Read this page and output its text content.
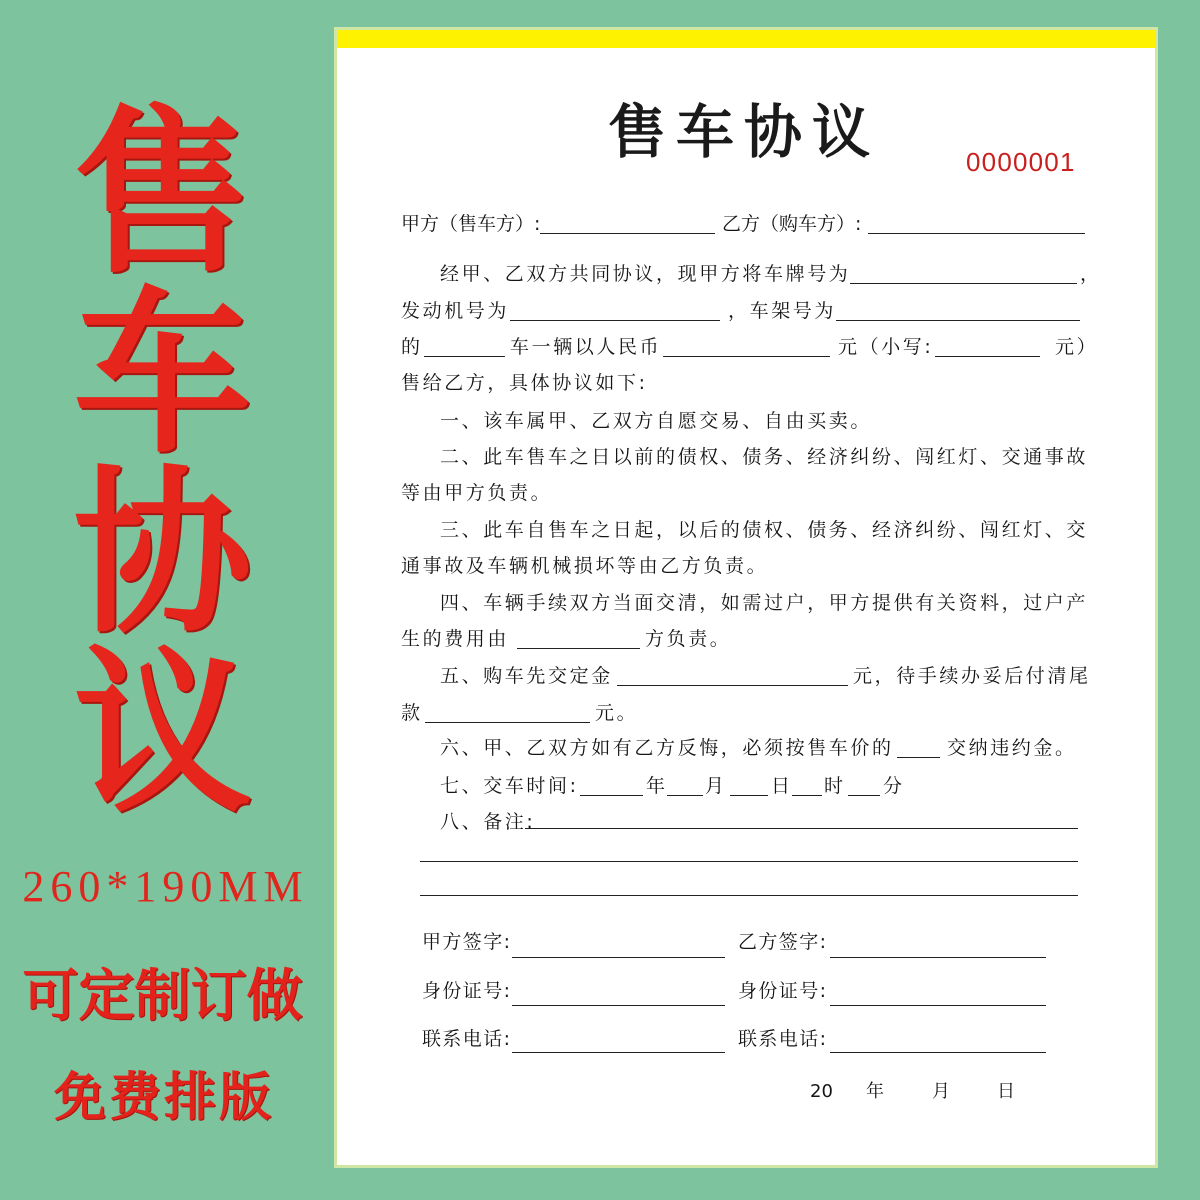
售
车
协
议
260*190MM
可定制订做
免费排版
售车协议	0000001
甲方（售车方）:	乙方（购车方）:
经甲、乙双方共同协议，现甲方将车牌号为	，
发动机号为	，车架号为
的	车一辆以人民币	元（小写:	元）
售给乙方，具体协议如下:
一、该车属甲、乙双方自愿交易、自由买卖。
二、此车售车之日以前的债权、债务、经济纠纷、闯红灯、交通事故
等由甲方负责。
三、此车自售车之日起，以后的债权、债务、经济纠纷、闯红灯、交
通事故及车辆机械损坏等由乙方负责。
四、车辆手续双方当面交清，如需过户，甲方提供有关资料，过户产
生的费用由	方负责。
五、购车先交定金	元，待手续办妥后付清尾
款	元。
六、甲、乙双方如有乙方反悔，必须按售车价的	交纳违约金。
七、交车时间:	年 月 日 时 分
八、备注:
甲方签字:	乙方签字:
身份证号:	身份证号:
联系电话:	联系电话:
20 年	月	日
